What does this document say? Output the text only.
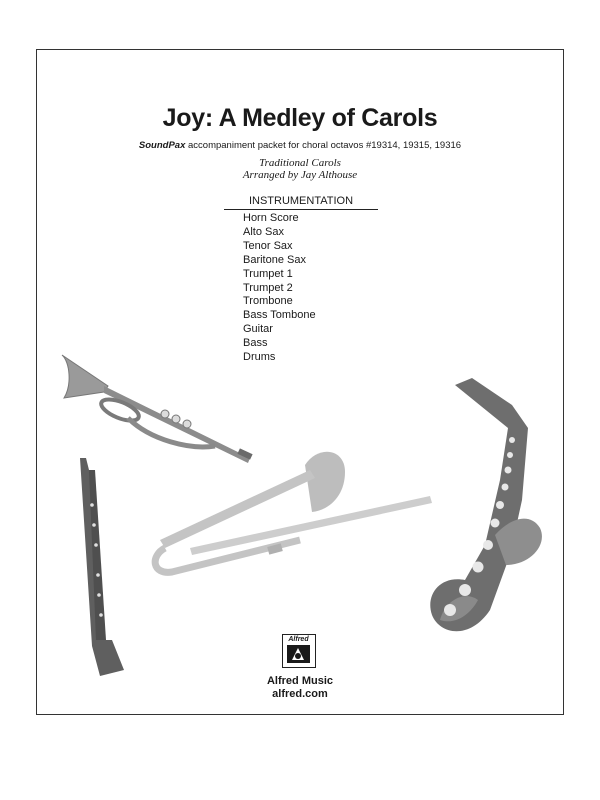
Joy: A Medley of Carols
SoundPax accompaniment packet for choral octavos #19314, 19315, 19316
Traditional Carols
Arranged by Jay Althouse
INSTRUMENTATION
Horn Score
Alto Sax
Tenor Sax
Baritone Sax
Trumpet 1
Trumpet 2
Trombone
Bass Tombone
Guitar
Bass
Drums
Alfred
Alfred Music
alfred.com
